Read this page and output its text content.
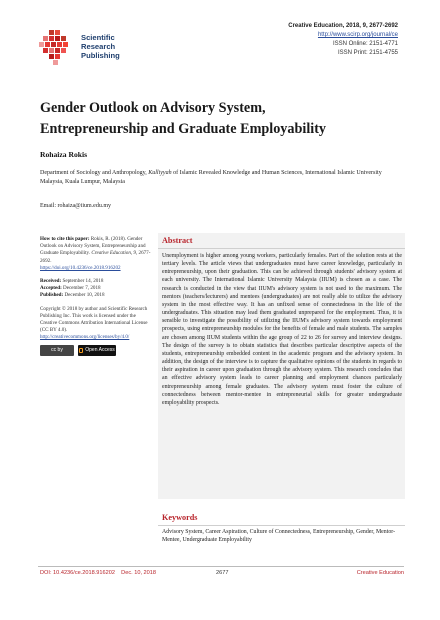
Scientific
Research
Publishing
Creative Education, 2018, 9, 2677-2692
http://www.scirp.org/journal/ce
ISSN Online: 2151-4771
ISSN Print: 2151-4755
Gender Outlook on Advisory System,
Entrepreneurship and Graduate Employability
Rohaiza Rokis
Department of Sociology and Anthropology, Kulliyyah of Islamic Revealed Knowledge and Human Sciences, International Islamic University Malaysia, Kuala Lumpur, Malaysia
Email: rohaiza@iium.edu.my
How to cite this paper: Rokis, R. (2018). Gender Outlook on Advisory System, Entrepreneurship and Graduate Employability. Creative Education, 9, 2677-2692.
https://doi.org/10.4236/ce.2018.916202
Received: September 14, 2018
Accepted: December 7, 2018
Published: December 10, 2018
Copyright © 2018 by author and Scientific Research Publishing Inc. This work is licensed under the Creative Commons Attribution International License (CC BY 4.0).
http://creativecommons.org/licenses/by/4.0/
cc by	Open Access
Abstract
Unemployment is higher among young workers, particularly females. Part of the solution rests at the tertiary levels. The article views that undergraduates must have career knowledge, particularly in entrepreneurship, upon their graduation. This can be achieved through students' advisory system at each university. The International Islamic University Malaysia (IIUM) is chosen as a case. The research is conducted in the view that IIUM's advisory system is not used to the maximum. The mentors (teachers/lecturers) and mentees (undergraduates) are not really able to utilize the advisory system in the most effective way. It has an unfixed sense of connectedness in the life of the undergraduates. This situation may lead them graduated unprepared for the employment. Thus, it is sensible to investigate the possibility of utilizing the IIUM's advisory system towards employment prospects, using entrepreneurship modules for the benefits of female and male students. The samples are chosen among IIUM students within the age group of 22 to 26 for survey and interview designs. The design of the survey is to obtain statistics that describes particular descriptive aspects of the students, entrepreneurship embedded content in the academic program and the advisory system. In addition, the design of the interview is to capture the qualitative opinions of the students in regards to their aspiration in career upon graduation through the advisory system. This research concludes that an effective advisory system leads to career planning and employment chances particularly entrepreneurship among female graduates. The advisory system must foster the culture of connectedness between mentor-mentee in entrepreneurial skills for greater undergraduate employability prospects.
Keywords
Advisory System, Career Aspiration, Culture of Connectedness, Entrepreneurship, Gender, Mentor-Mentee, Undergraduate Employability
DOI: 10.4236/ce.2018.916202    Dec. 10, 2018	2677	Creative Education
